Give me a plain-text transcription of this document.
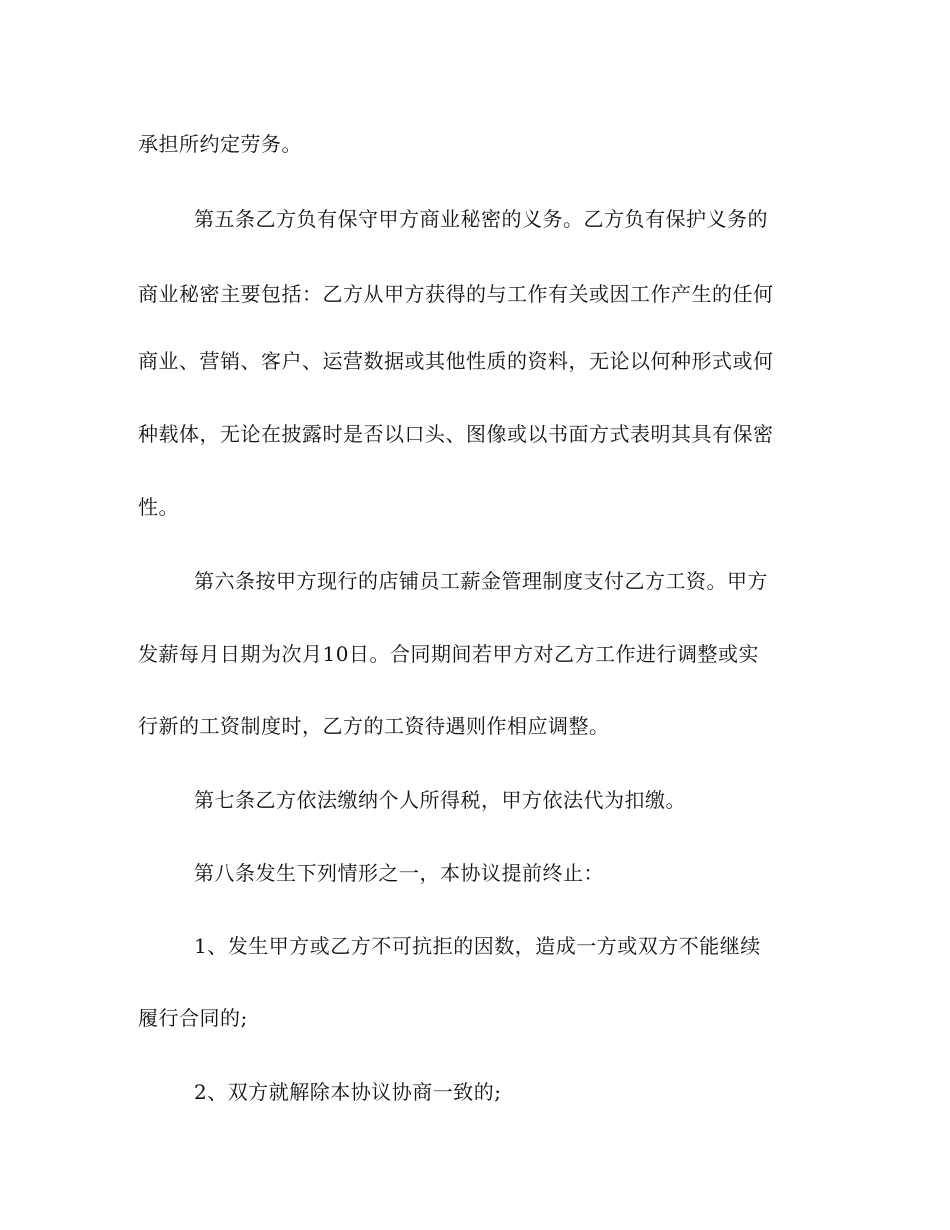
承担所约定劳务。
第五条乙方负有保守甲方商业秘密的义务。乙方负有保护义务的
商业秘密主要包括：乙方从甲方获得的与工作有关或因工作产生的任何
商业、营销、客户、运营数据或其他性质的资料，无论以何种形式或何
种载体，无论在披露时是否以口头、图像或以书面方式表明其具有保密
性。
第六条按甲方现行的店铺员工薪金管理制度支付乙方工资。甲方
发薪每月日期为次月10日。合同期间若甲方对乙方工作进行调整或实
行新的工资制度时，乙方的工资待遇则作相应调整。
第七条乙方依法缴纳个人所得税，甲方依法代为扣缴。
第八条发生下列情形之一，本协议提前终止：
1、发生甲方或乙方不可抗拒的因数，造成一方或双方不能继续
履行合同的;
2、双方就解除本协议协商一致的;
